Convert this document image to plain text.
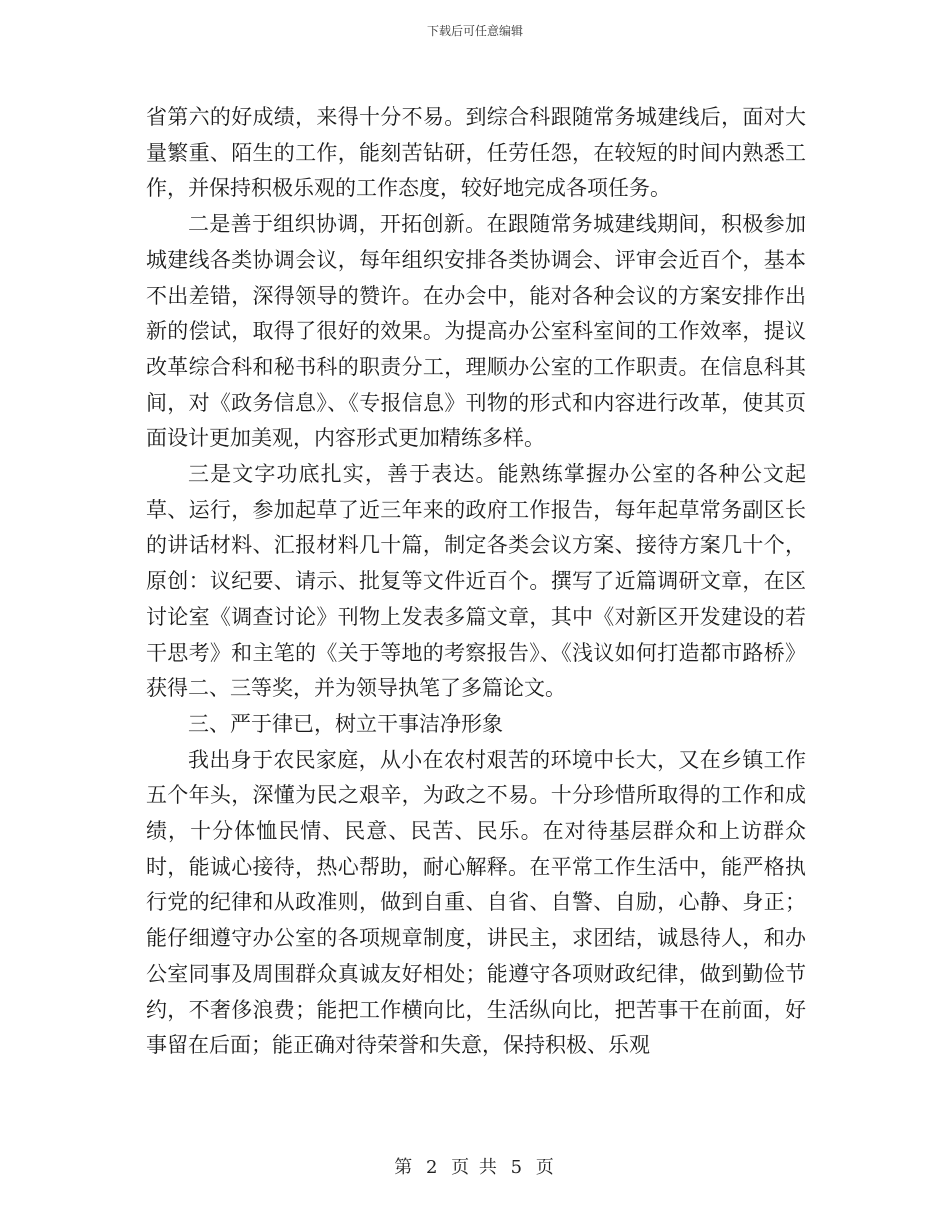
下载后可任意编辑

省第六的好成绩，来得十分不易。到综合科跟随常务城建线后，面对大量繁重、陌生的工作，能刻苦钻研，任劳任怨，在较短的时间内熟悉工作，并保持积极乐观的工作态度，较好地完成各项任务。

二是善于组织协调，开拓创新。在跟随常务城建线期间，积极参加城建线各类协调会议，每年组织安排各类协调会、评审会近百个，基本不出差错，深得领导的赞许。在办会中，能对各种会议的方案安排作出新的偿试，取得了很好的效果。为提高办公室科室间的工作效率，提议改革综合科和秘书科的职责分工，理顺办公室的工作职责。在信息科其间，对《政务信息》、《专报信息》刊物的形式和内容进行改革，使其页面设计更加美观，内容形式更加精练多样。

三是文字功底扎实，善于表达。能熟练掌握办公室的各种公文起草、运行，参加起草了近三年来的政府工作报告，每年起草常务副区长的讲话材料、汇报材料几十篇，制定各类会议方案、接待方案几十个，原创：议纪要、请示、批复等文件近百个。撰写了近篇调研文章，在区讨论室《调查讨论》刊物上发表多篇文章，其中《对新区开发建设的若干思考》和主笔的《关于等地的考察报告》、《浅议如何打造都市路桥》获得二、三等奖，并为领导执笔了多篇论文。

三、严于律已，树立干事洁净形象

我出身于农民家庭，从小在农村艰苦的环境中长大，又在乡镇工作五个年头，深懂为民之艰辛，为政之不易。十分珍惜所取得的工作和成绩，十分体恤民情、民意、民苦、民乐。在对待基层群众和上访群众时，能诚心接待，热心帮助，耐心解释。在平常工作生活中，能严格执行党的纪律和从政准则，做到自重、自省、自警、自励，心静、身正；能仔细遵守办公室的各项规章制度，讲民主，求团结，诚恳待人，和办公室同事及周围群众真诚友好相处；能遵守各项财政纪律，做到勤俭节约，不奢侈浪费；能把工作横向比，生活纵向比，把苦事干在前面，好事留在后面；能正确对待荣誉和失意，保持积极、乐观

第 2 页 共 5 页
